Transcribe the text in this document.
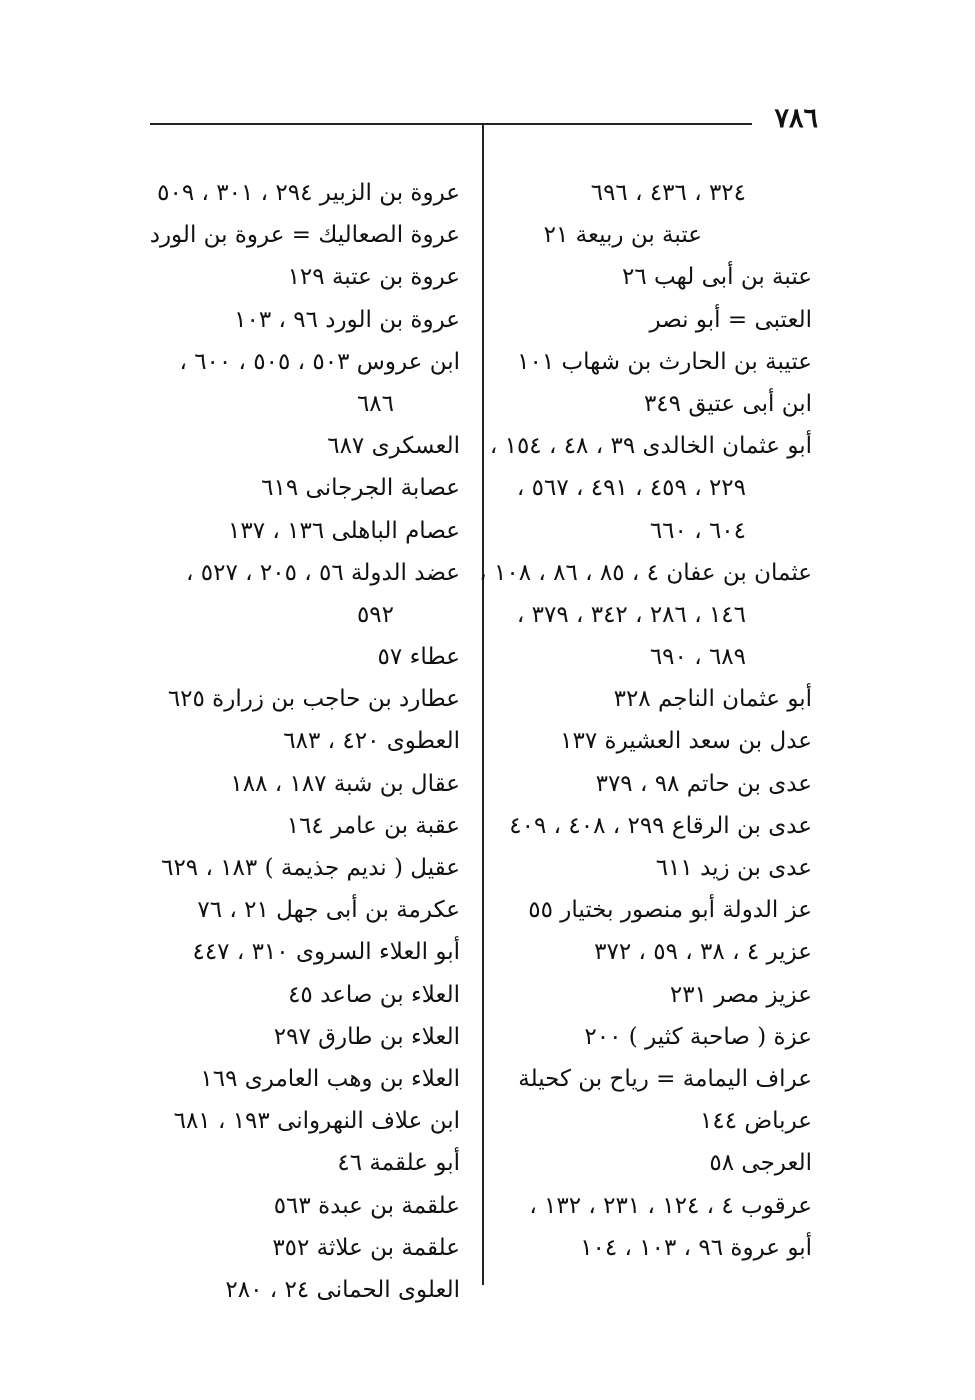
٧٨٦
٣٢٤ ، ٤٣٦ ، ٦٩٦
عتبة بن ربيعة ٢١
عتبة بن أبى لهب ٢٦
العتبى = أبو نصر
عتيبة بن الحارث بن شهاب ١٠١
ابن أبى عتيق ٣٤٩
أبو عثمان الخالدى ٣٩ ، ٤٨ ، ١٥٤ ،
٢٢٩ ، ٤٥٩ ، ٤٩١ ، ٥٦٧ ،
٦٠٤ ، ٦٦٠
عثمان بن عفان ٤ ، ٨٥ ، ٨٦ ، ١٠٨ ،
١٤٦ ، ٢٨٦ ، ٣٤٢ ، ٣٧٩ ،
٦٨٩ ، ٦٩٠
أبو عثمان الناجم ٣٢٨
عدل بن سعد العشيرة ١٣٧
عدى بن حاتم ٩٨ ، ٣٧٩
عدى بن الرقاع ٢٩٩ ، ٤٠٨ ، ٤٠٩
عدى بن زيد ٦١١
عز الدولة أبو منصور بختيار ٥٥
عزير ٤ ، ٣٨ ، ٥٩ ، ٣٧٢
عزيز مصر ٢٣١
عزة ( صاحبة كثير ) ٢٠٠
عراف اليمامة = رياح بن كحيلة
عرباض ١٤٤
العرجى ٥٨
عرقوب ٤ ، ١٢٤ ، ٢٣١ ، ١٣٢ ،
أبو عروة ٩٦ ، ١٠٣ ، ١٠٤
عروة بن الزبير ٢٩٤ ، ٣٠١ ، ٥٠٩
عروة الصعاليك = عروة بن الورد
عروة بن عتبة ١٢٩
عروة بن الورد ٩٦ ، ١٠٣
ابن عروس ٥٠٣ ، ٥٠٥ ، ٦٠٠ ،
٦٨٦
العسكرى ٦٨٧
عصابة الجرجانى ٦١٩
عصام الباهلى ١٣٦ ، ١٣٧
عضد الدولة ٥٦ ، ٢٠٥ ، ٥٢٧ ،
٥٩٢
عطاء ٥٧
عطارد بن حاجب بن زرارة ٦٢٥
العطوى ٤٢٠ ، ٦٨٣
عقال بن شبة ١٨٧ ، ١٨٨
عقبة بن عامر ١٦٤
عقيل ( نديم جذيمة ) ١٨٣ ، ٦٢٩
عكرمة بن أبى جهل ٢١ ، ٧٦
أبو العلاء السروى ٣١٠ ، ٤٤٧
العلاء بن صاعد ٤٥
العلاء بن طارق ٢٩٧
العلاء بن وهب العامرى ١٦٩
ابن علاف النهروانى ١٩٣ ، ٦٨١
أبو علقمة ٤٦
علقمة بن عبدة ٥٦٣
علقمة بن علاثة ٣٥٢
العلوى الحمانى ٢٤ ، ٢٨٠
